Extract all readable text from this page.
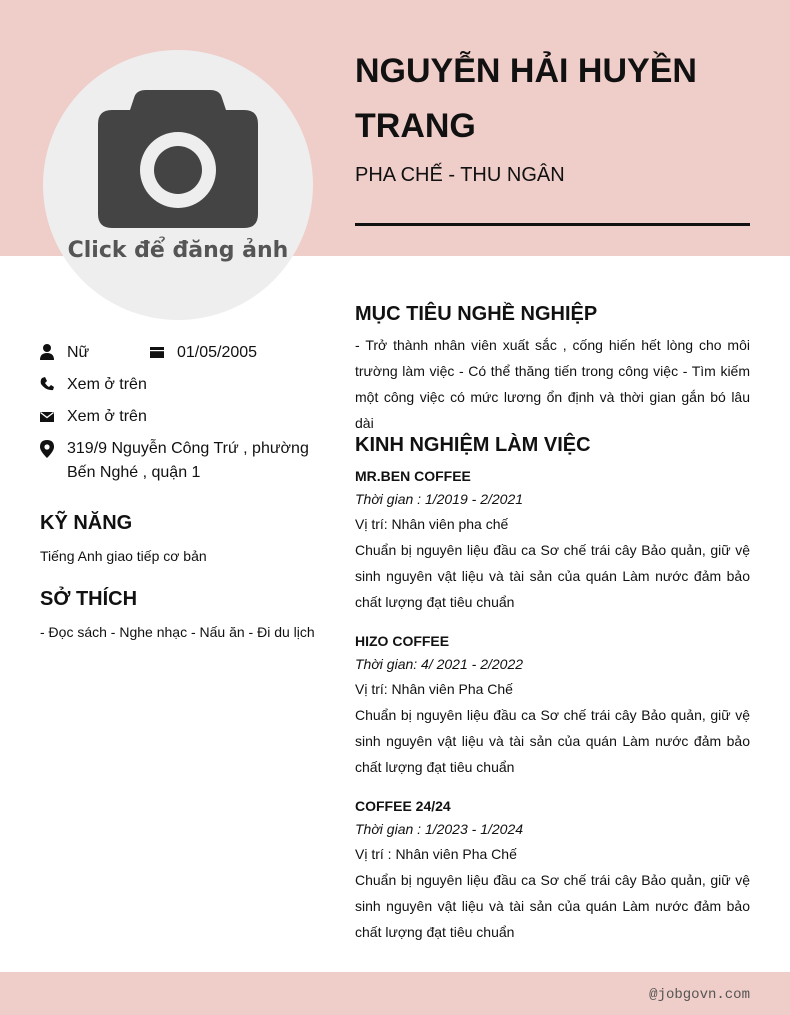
Click để đăng ảnh
NGUYỄN HẢI HUYỀN TRANG
PHA CHẾ - THU NGÂN
Nữ	01/05/2005
Xem ở trên
Xem ở trên
319/9 Nguyễn Công Trứ , phường
Bến Nghé , quận 1
KỸ NĂNG
Tiếng Anh giao tiếp cơ bản
SỞ THÍCH
- Đọc sách - Nghe nhạc - Nấu ăn - Đi du lịch
MỤC TIÊU NGHỀ NGHIỆP
- Trở thành nhân viên xuất sắc , cống hiến hết lòng cho môi trường làm việc - Có thể thăng tiến trong công việc - Tìm kiếm một công việc có mức lương ổn định và thời gian gắn bó lâu dài
KINH NGHIỆM LÀM VIỆC
MR.BEN COFFEE
Thời gian : 1/2019 - 2/2021
Vị trí: Nhân viên pha chế
Chuẩn bị nguyên liệu đầu ca Sơ chế trái cây Bảo quản, giữ vệ sinh nguyên vật liệu và tài sản của quán Làm nước đảm bảo chất lượng đạt tiêu chuẩn
HIZO COFFEE
Thời gian: 4/ 2021 - 2/2022
Vị trí: Nhân viên Pha Chế
Chuẩn bị nguyên liệu đầu ca Sơ chế trái cây Bảo quản, giữ vệ sinh nguyên vật liệu và tài sản của quán Làm nước đảm bảo chất lượng đạt tiêu chuẩn
COFFEE 24/24
Thời gian : 1/2023 - 1/2024
Vị trí : Nhân viên Pha Chế
Chuẩn bị nguyên liệu đầu ca Sơ chế trái cây Bảo quản, giữ vệ sinh nguyên vật liệu và tài sản của quán Làm nước đảm bảo chất lượng đạt tiêu chuẩn
@jobgovn.com
